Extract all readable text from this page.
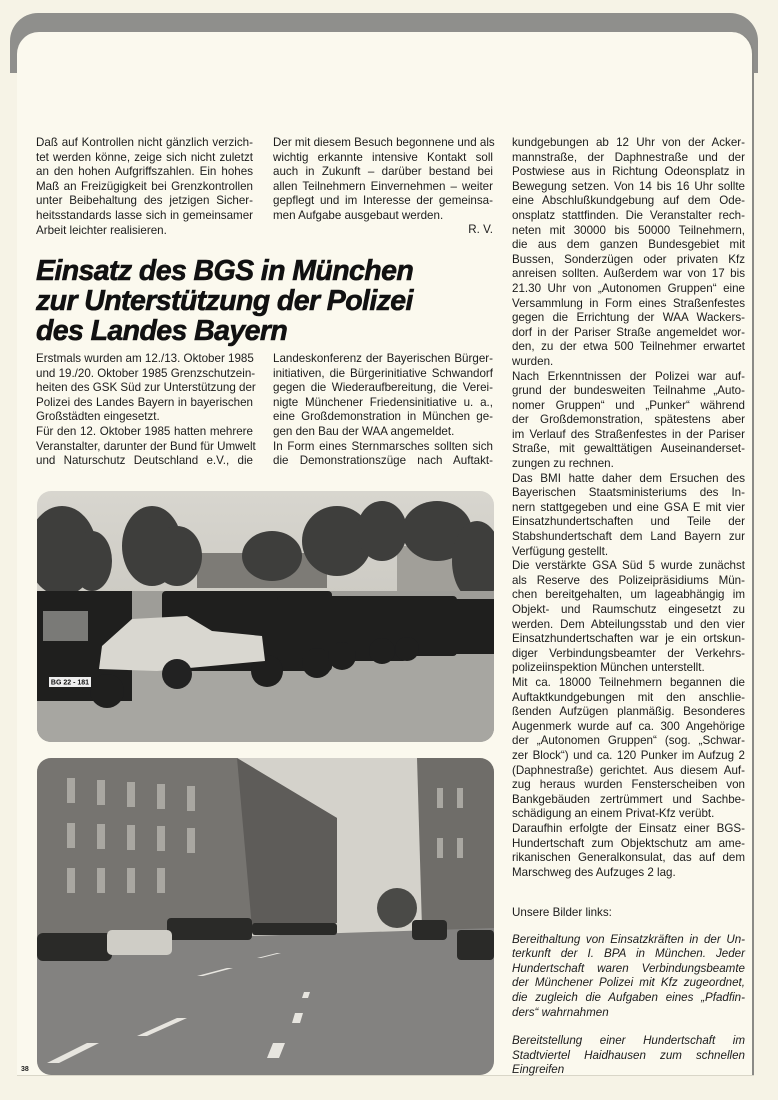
Daß auf Kontrollen nicht gänzlich verzich-
tet werden könne, zeige sich nicht zuletzt
an den hohen Aufgriffszahlen. Ein hohes
Maß an Freizügigkeit bei Grenzkontrollen
unter Beibehaltung des jetzigen Sicher-
heitsstandards lasse sich in gemeinsamer
Arbeit leichter realisieren.
Der mit diesem Besuch begonnene und als
wichtig erkannte intensive Kontakt soll
auch in Zukunft – darüber bestand bei
allen Teilnehmern Einvernehmen – weiter
gepflegt und im Interesse der gemeinsa-
men Aufgabe ausgebaut werden.
R. V.
Einsatz des BGS in München
zur Unterstützung der Polizei
des Landes Bayern
Erstmals wurden am 12./13. Oktober 1985
und 19./20. Oktober 1985 Grenzschutzein-
heiten des GSK Süd zur Unterstützung der
Polizei des Landes Bayern in bayerischen
Großstädten eingesetzt.
Für den 12. Oktober 1985 hatten mehrere
Veranstalter, darunter der Bund für Umwelt
und Naturschutz Deutschland e.V., die
Landeskonferenz der Bayerischen Bürger-
initiativen, die Bürgerinitiative Schwandorf
gegen die Wiederaufbereitung, die Verei-
nigte Münchener Friedensinitiative u. a.,
eine Großdemonstration in München ge-
gen den Bau der WAA angemeldet.
In Form eines Sternmarsches sollten sich
die Demonstrationszüge nach Auftakt-
kundgebungen ab 12 Uhr von der Acker-
mannstraße, der Daphnestraße und der
Postwiese aus in Richtung Odeonsplatz in
Bewegung setzen. Von 14 bis 16 Uhr sollte
eine Abschlußkundgebung auf dem Ode-
onsplatz stattfinden. Die Veranstalter rech-
neten mit 30000 bis 50000 Teilnehmern,
die aus dem ganzen Bundesgebiet mit
Bussen, Sonderzügen oder privaten Kfz
anreisen sollten. Außerdem war von 17 bis
21.30 Uhr von „Autonomen Gruppen“ eine
Versammlung in Form eines Straßenfestes
gegen die Errichtung der WAA Wackers-
dorf in der Pariser Straße angemeldet wor-
den, zu der etwa 500 Teilnehmer erwartet
wurden.
Nach Erkenntnissen der Polizei war auf-
grund der bundesweiten Teilnahme „Auto-
nomer Gruppen“ und „Punker“ während
der Großdemonstration, spätestens aber
im Verlauf des Straßenfestes in der Pariser
Straße, mit gewalttätigen Auseinanderset-
zungen zu rechnen.
Das BMI hatte daher dem Ersuchen des
Bayerischen Staatsministeriums des In-
nern stattgegeben und eine GSA E mit vier
Einsatzhundertschaften und Teile der
Stabshundertschaft dem Land Bayern zur
Verfügung gestellt.
Die verstärkte GSA Süd 5 wurde zunächst
als Reserve des Polizeipräsidiums Mün-
chen bereitgehalten, um lageabhängig im
Objekt- und Raumschutz eingesetzt zu
werden. Dem Abteilungsstab und den vier
Einsatzhundertschaften war je ein ortskun-
diger Verbindungsbeamter der Verkehrs-
polizeiinspektion München unterstellt.
Mit ca. 18000 Teilnehmern begannen die
Auftaktkundgebungen mit den anschlie-
ßenden Aufzügen planmäßig. Besonderes
Augenmerk wurde auf ca. 300 Angehörige
der „Autonomen Gruppen“ (sog. „Schwar-
zer Block“) und ca. 120 Punker im Aufzug 2
(Daphnestraße) gerichtet. Aus diesem Auf-
zug heraus wurden Fensterscheiben von
Bankgebäuden zertrümmert und Sachbe-
schädigung an einem Privat-Kfz verübt.
Daraufhin erfolgte der Einsatz einer BGS-
Hundertschaft zum Objektschutz am ame-
rikanischen Generalkonsulat, das auf dem
Marschweg des Aufzuges 2 lag.
Unsere Bilder links:
Bereithaltung von Einsatzkräften in der Un-
terkunft der I. BPA in München. Jeder
Hundertschaft waren Verbindungsbeamte
der Münchener Polizei mit Kfz zugeordnet,
die zugleich die Aufgaben eines „Pfadfin-
ders“ wahrnahmen
Bereitstellung einer Hundertschaft im
Stadtviertel Haidhausen zum schnellen
Eingreifen
BG 22 - 181
38
